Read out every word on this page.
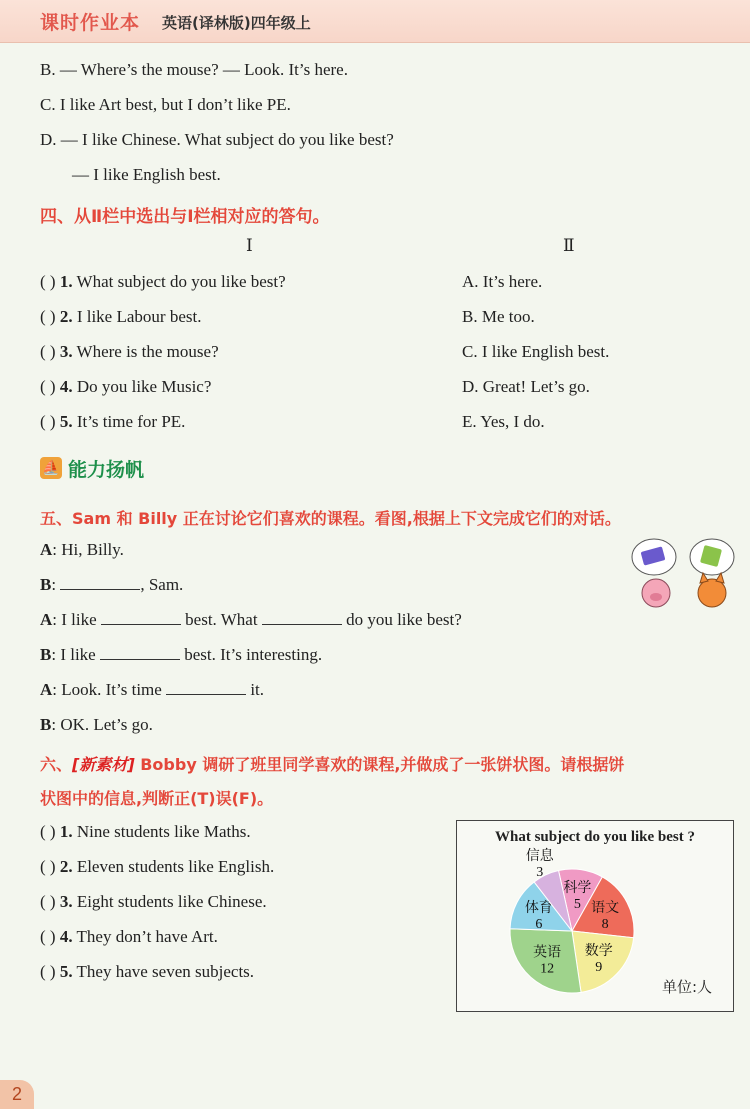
课时作业本 英语(译林版)四年级上
B. — Where’s the mouse? — Look. It’s here.
C. I like Art best, but I don’t like PE.
D. — I like Chinese. What subject do you like best?
— I like English best.
四、从Ⅱ栏中选出与Ⅰ栏相对应的答句。
Ⅰ	Ⅱ
( ) 1. What subject do you like best?	A. It’s here.
( ) 2. I like Labour best.	B. Me too.
( ) 3. Where is the mouse?	C. I like English best.
( ) 4. Do you like Music?	D. Great! Let’s go.
( ) 5. It’s time for PE.	E. Yes, I do.
⛵ 能力扬帆
五、Sam 和 Billy 正在讨论它们喜欢的课程。看图,根据上下文完成它们的对话。
A: Hi, Billy.
B:	, Sam.
A: I like	best. What	do you like best?
B: I like	best. It’s interesting.
A: Look. It’s time	it.
B: OK. Let’s go.
六、[新素材] Bobby 调研了班里同学喜欢的课程,并做成了一张饼状图。请根据饼
状图中的信息,判断正(T)误(F)。
( ) 1. Nine students like Maths.
( ) 2. Eleven students like English.
( ) 3. Eight students like Chinese.
( ) 4. They don’t have Art.
( ) 5. They have seven subjects.
What subject do you like best ?
科学
5 语文
8
数学
9
英语
12
体育
6
信息
3
单位:人
2
